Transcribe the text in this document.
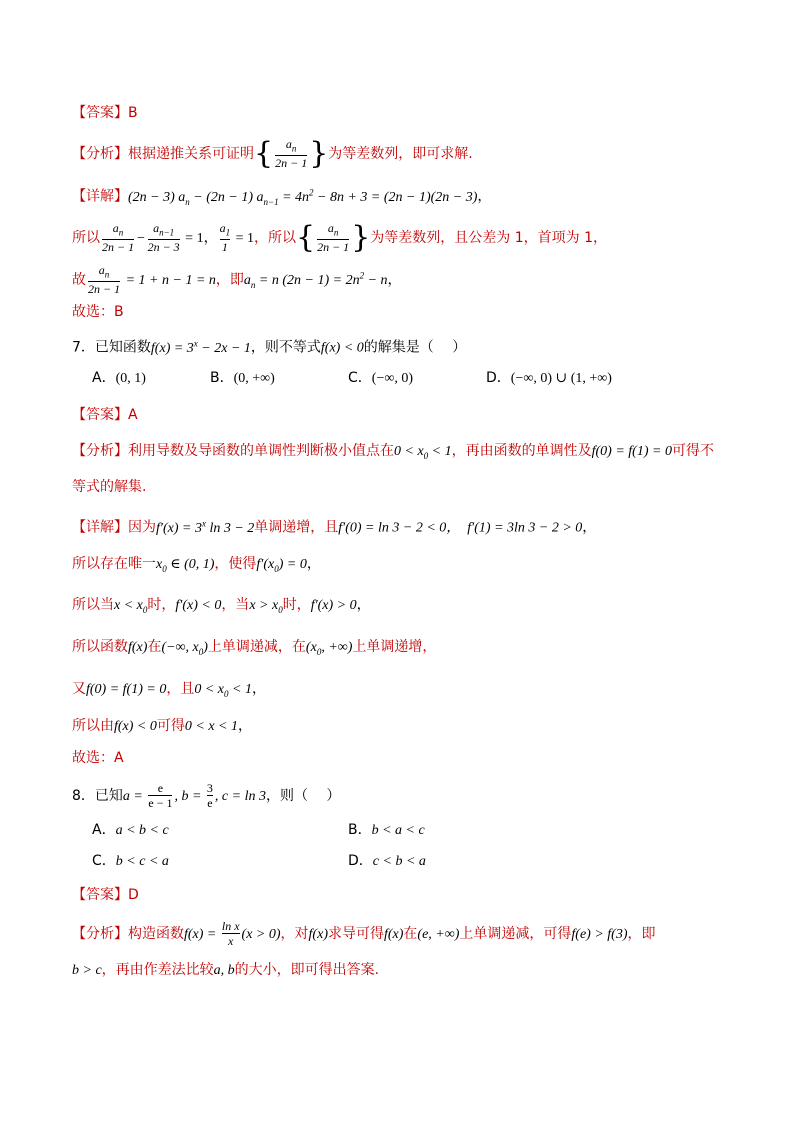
【答案】B
【分析】根据递推关系可证明{ $\frac{a_n}{2n - 1}$ }为等差数列，即可求解.
【详解】(2n − 3) $a_n - (2n - 1) a_{n-1} = 4n^2 - 8n + 3 = (2n - 1)(2n - 3)$，
所以 $\frac{a_n}{2n - 1} - \frac{a_{n-1}}{2n - 3} = 1$， $\frac{a_1}{1} = 1$，所以{ $\frac{a_n}{2n - 1}$ }为等差数列，且公差为 1，首项为 1，
故 $\frac{a_n}{2n - 1} = 1 + n - 1 = n$，即$a_n = n$ $(2n - 1) = 2n^2 - n$，
故选：B
7．已知函数$f(x) = 3^x - 2x - 1$，则不等式f(x) < 0的解集是（　 ）
A．(0, 1)	B．(0, +∞)	C．(−∞, 0)	D．(−∞, 0) ∪ (1, +∞)
【答案】A
【分析】利用导数及导函数的单调性判断极小值点在$0 < x_0 < 1$，再由函数的单调性及f(0) = f(1) = 0可得不
等式的解集.
【详解】因为$f'(x) = 3^x$ ln 3 − 2单调递增，且f′(0) = ln 3 − 2 < 0，　f′(1) = 3ln 3 − 2 > 0，
所以存在唯一$x_0$ ∈ (0, 1)，使得$f'(x_0) = 0$，
所以当$x < x_0$时，f′(x) < 0，当$x > x_0$时，f′(x) > 0，
所以函数f(x)在(−∞, $x_0$)上单调递减，在($x_0$, +∞)上单调递增，
又f(0) = f(1) = 0，且$0 < x_0 < 1$，
所以由f(x) < 0可得0 < x < 1，
故选：A
8．已知$a = \frac{e}{e - 1}$ , $b = \frac{3}{e}$ , c = ln 3，则（　 ）
A．a < b < c	B．b < a < c
C．b < c < a	D．c < b < a
【答案】D
【分析】构造函数$f(x) = \frac{\text{ln x}}{x} (x > 0)$，对f(x)求导可得f(x)在(e, +∞)上单调递减，可得f(e) > f(3)，即
b > c，再由作差法比较a, b的大小，即可得出答案.
